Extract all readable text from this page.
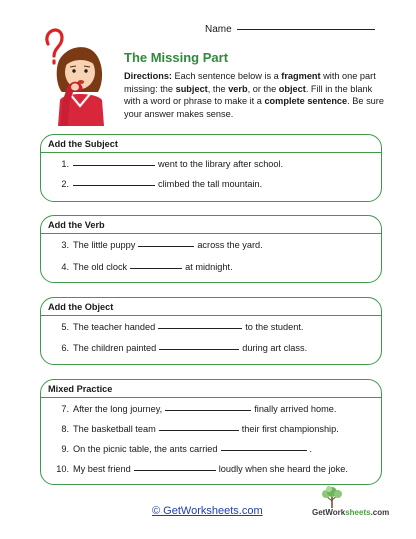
Name
The Missing Part
Directions: Each sentence below is a fragment with one part missing: the subject, the verb, or the object. Fill in the blank with a word or phrase to make it a complete sentence. Be sure your answer makes sense.
Add the Subject
1.	went to the library after school.
2.	climbed the tall mountain.
Add the Verb
3. The little puppy	across the yard.
4. The old clock	at midnight.
Add the Object
5. The teacher handed	to the student.
6. The children painted	during art class.
Mixed Practice
7. After the long journey,	finally arrived home.
8. The basketball team	their first championship.
9. On the picnic table, the ants carried	.
10. My best friend	loudly when she heard the joke.
© GetWorksheets.com	GetWorksheets.com
